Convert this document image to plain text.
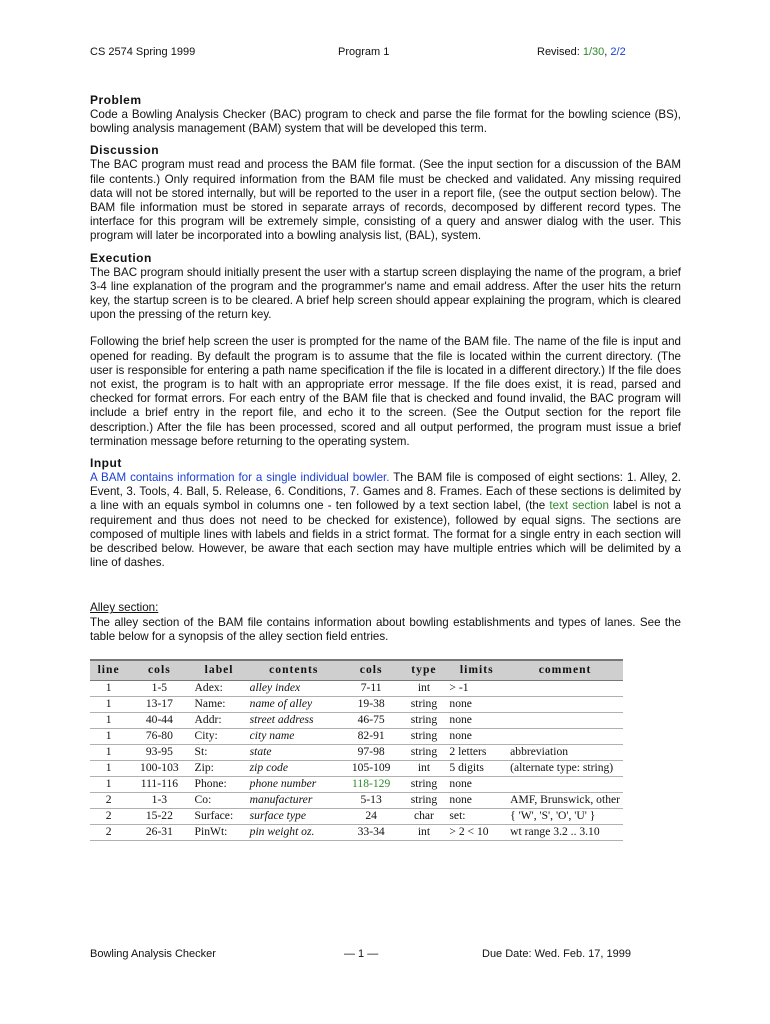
CS 2574 Spring 1999	Program 1	Revised: 1/30, 2/2
Problem

Code a Bowling Analysis Checker (BAC) program to check and parse the file format for the bowling science (BS), bowling analysis management (BAM) system that will be developed this term.

Discussion

The BAC program must read and process the BAM file format. (See the input section for a discussion of the BAM file contents.) Only required information from the BAM file must be checked and validated. Any missing required data will not be stored internally, but will be reported to the user in a report file, (see the output section below). The BAM file information must be stored in separate arrays of records, decomposed by different record types. The interface for this program will be extremely simple, consisting of a query and answer dialog with the user. This program will later be incorporated into a bowling analysis list, (BAL), system.

Execution

The BAC program should initially present the user with a startup screen displaying the name of the program, a brief 3-4 line explanation of the program and the programmer's name and email address. After the user hits the return key, the startup screen is to be cleared. A brief help screen should appear explaining the program, which is cleared upon the pressing of the return key.

Following the brief help screen the user is prompted for the name of the BAM file. The name of the file is input and opened for reading. By default the program is to assume that the file is located within the current directory. (The user is responsible for entering a path name specification if the file is located in a different directory.) If the file does not exist, the program is to halt with an appropriate error message. If the file does exist, it is read, parsed and checked for format errors. For each entry of the BAM file that is checked and found invalid, the BAC program will include a brief entry in the report file, and echo it to the screen. (See the Output section for the report file description.) After the file has been processed, scored and all output performed, the program must issue a brief termination message before returning to the operating system.

Input

A BAM contains information for a single individual bowler. The BAM file is composed of eight sections: 1. Alley, 2. Event, 3. Tools, 4. Ball, 5. Release, 6. Conditions, 7. Games and 8. Frames. Each of these sections is delimited by a line with an equals symbol in columns one - ten followed by a text section label, (the text section label is not a requirement and thus does not need to be checked for existence), followed by equal signs. The sections are composed of multiple lines with labels and fields in a strict format. The format for a single entry in each section will be described below. However, be aware that each section may have multiple entries which will be delimited by a line of dashes.

Alley section:

The alley section of the BAM file contains information about bowling establishments and types of lanes. See the table below for a synopsis of the alley section field entries.

line	cols	label	contents	cols	type	limits	comment
1	1-5	Adex:	alley index	7-11	int	> -1	
1	13-17	Name:	name of alley	19-38	string	none	
1	40-44	Addr:	street address	46-75	string	none	
1	76-80	City:	city name	82-91	string	none	
1	93-95	St:	state	97-98	string	2 letters	abbreviation
1	100-103	Zip:	zip code	105-109	int	5 digits	(alternate type: string)
1	111-116	Phone:	phone number	118-129	string	none	
2	1-3	Co:	manufacturer	5-13	string	none	AMF, Brunswick, other
2	15-22	Surface:	surface type	24	char	set:	{ 'W', 'S', 'O', 'U' }
2	26-31	PinWt:	pin weight oz.	33-34	int	> 2 < 10	wt range 3.2 .. 3.10
Bowling Analysis Checker	— 1 —	Due Date: Wed. Feb. 17, 1999
